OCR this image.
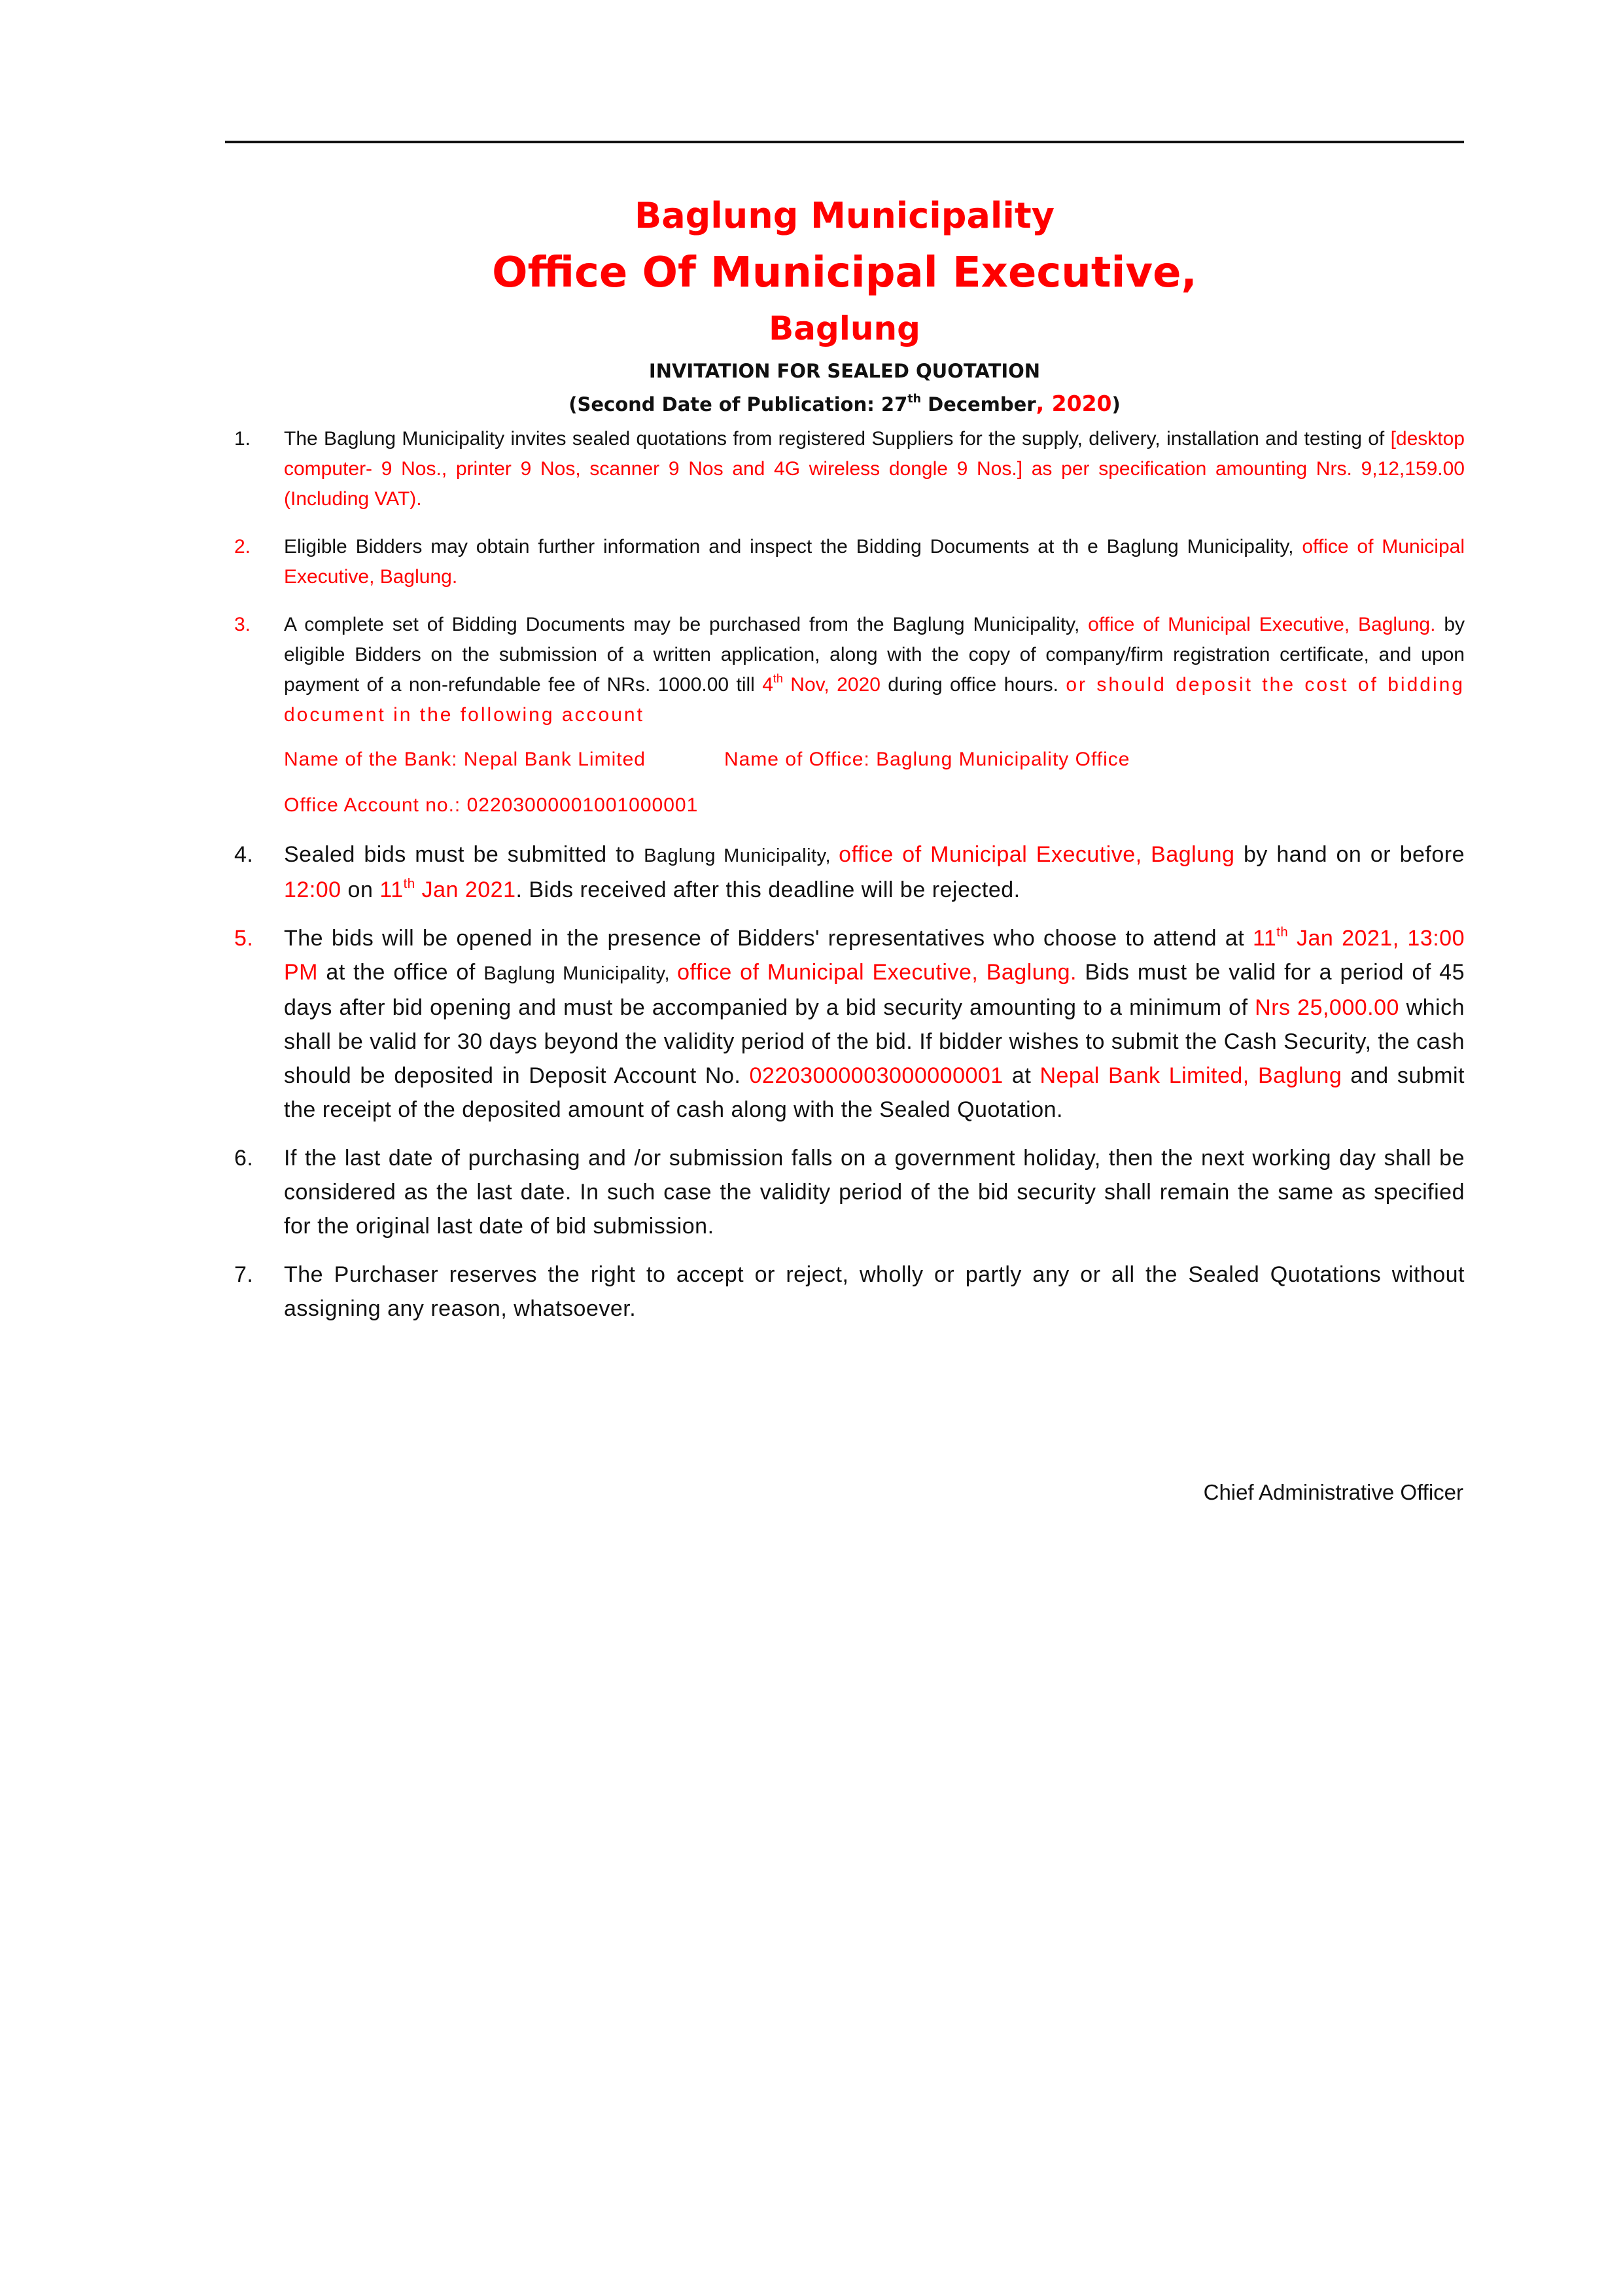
Baglung Municipality
Office Of Municipal Executive,
Baglung
INVITATION FOR SEALED QUOTATION
(Second Date of Publication: 27th December, 2020)
1. The Baglung Municipality invites sealed quotations from registered Suppliers for the supply, delivery, installation and testing of [desktop computer- 9 Nos., printer 9 Nos, scanner 9 Nos and 4G wireless dongle 9 Nos.] as per specification amounting Nrs. 9,12,159.00 (Including VAT).
2. Eligible Bidders may obtain further information and inspect the Bidding Documents at th e Baglung Municipality, office of Municipal Executive, Baglung.
3. A complete set of Bidding Documents may be purchased from the Baglung Municipality, office of Municipal Executive, Baglung. by eligible Bidders on the submission of a written application, along with the copy of company/firm registration certificate, and upon payment of a non-refundable fee of NRs. 1000.00 till 4th Nov, 2020 during office hours. or should deposit the cost of bidding document in the following account
Name of the Bank: Nepal Bank Limited	Name of Office: Baglung Municipality Office
Office Account no.: 02203000001001000001
4. Sealed bids must be submitted to Baglung Municipality, office of Municipal Executive, Baglung by hand on or before 12:00 on 11th Jan 2021. Bids received after this deadline will be rejected.
5. The bids will be opened in the presence of Bidders' representatives who choose to attend at 11th Jan 2021, 13:00 PM at the office of Baglung Municipality, office of Municipal Executive, Baglung. Bids must be valid for a period of 45 days after bid opening and must be accompanied by a bid security amounting to a minimum of Nrs 25,000.00 which shall be valid for 30 days beyond the validity period of the bid. If bidder wishes to submit the Cash Security, the cash should be deposited in Deposit Account No. 02203000003000000001 at Nepal Bank Limited, Baglung and submit the receipt of the deposited amount of cash along with the Sealed Quotation.
6. If the last date of purchasing and /or submission falls on a government holiday, then the next working day shall be considered as the last date. In such case the validity period of the bid security shall remain the same as specified for the original last date of bid submission.
7. The Purchaser reserves the right to accept or reject, wholly or partly any or all the Sealed Quotations without assigning any reason, whatsoever.
Chief Administrative Officer
